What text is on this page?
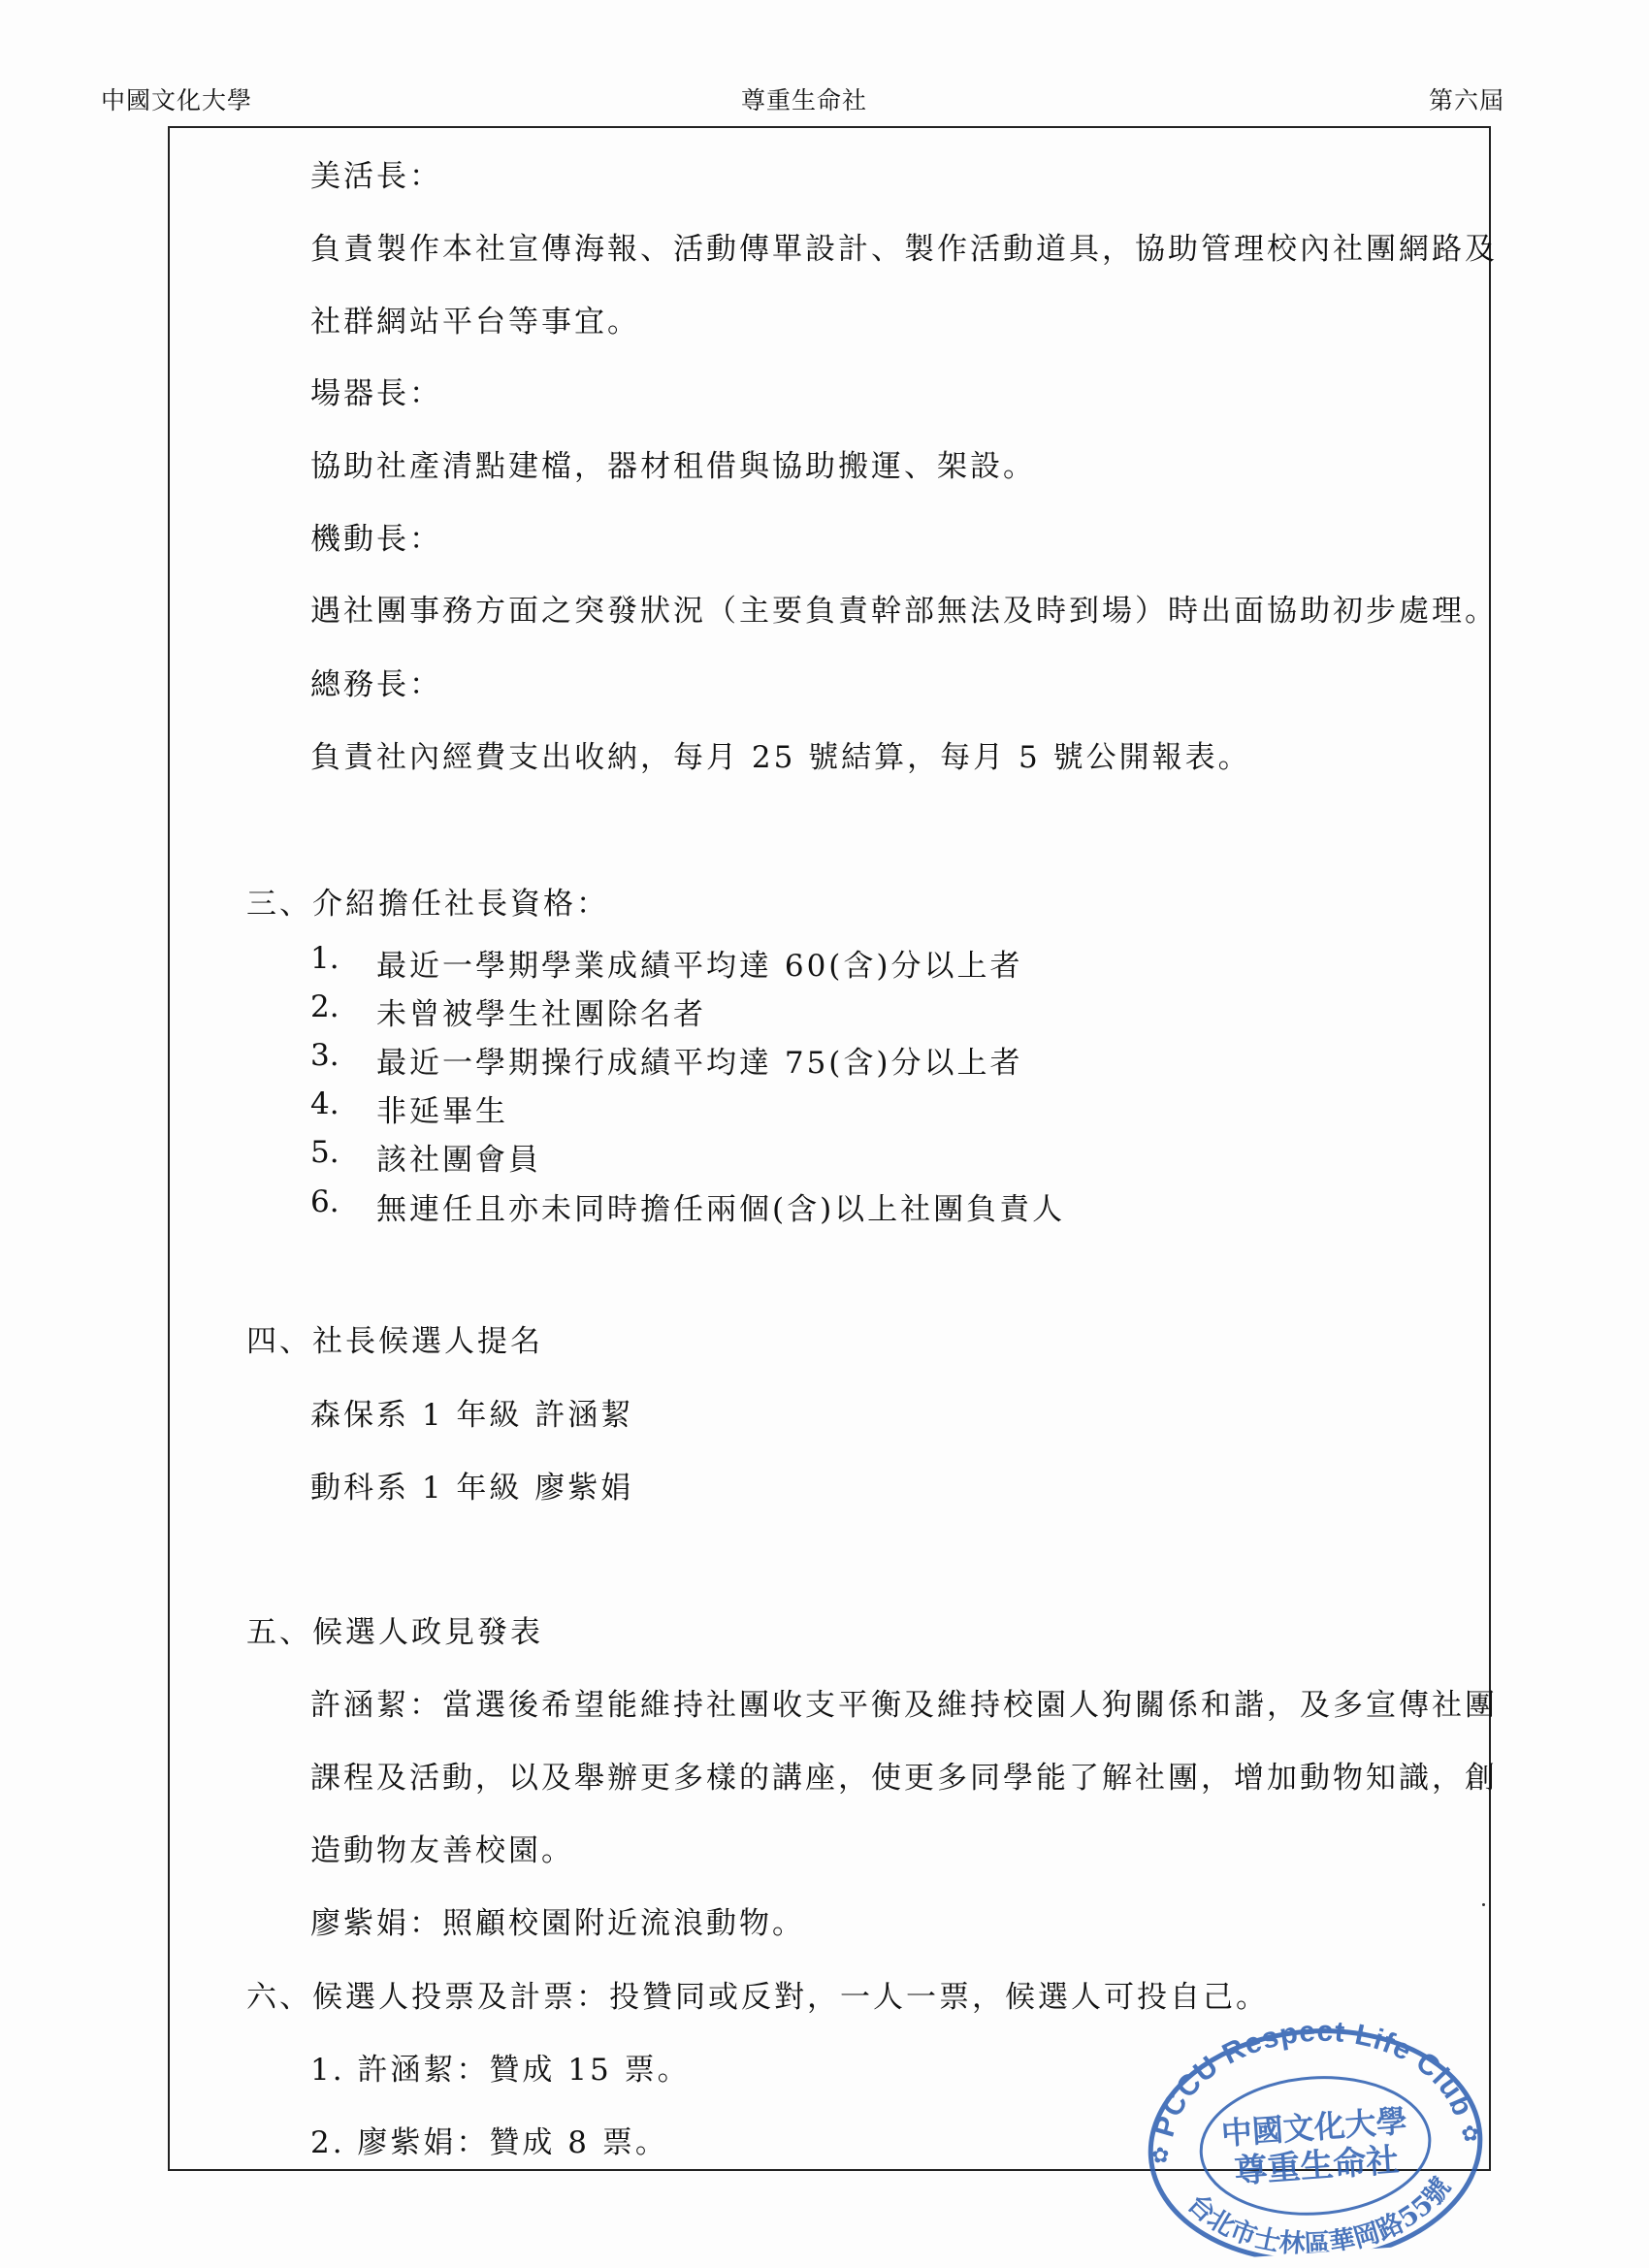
中國文化大學	尊重生命社	第六屆
美活長：
負責製作本社宣傳海報、活動傳單設計、製作活動道具，協助管理校內社團網路及
社群網站平台等事宜。
場器長：
協助社產清點建檔，器材租借與協助搬運、架設。
機動長：
遇社團事務方面之突發狀況（主要負責幹部無法及時到場）時出面協助初步處理。
總務長：
負責社內經費支出收納，每月 25 號結算，每月 5 號公開報表。
三、介紹擔任社長資格：
1. 最近一學期學業成績平均達 60(含)分以上者
2. 未曾被學生社團除名者
3. 最近一學期操行成績平均達 75(含)分以上者
4. 非延畢生
5. 該社團會員
6. 無連任且亦未同時擔任兩個(含)以上社團負責人
四、社長候選人提名
森保系 1 年級 許涵絜
動科系 1 年級 廖紫娟
五、候選人政見發表
許涵絜：當選後希望能維持社團收支平衡及維持校園人狗關係和諧，及多宣傳社團
課程及活動，以及舉辦更多樣的講座，使更多同學能了解社團，增加動物知識，創
造動物友善校園。
廖紫娟：照顧校園附近流浪動物。
六、候選人投票及計票：投贊同或反對，一人一票，候選人可投自己。
1. 許涵絜：贊成 15 票。
2. 廖紫娟：贊成 8 票。	PCCU Respect Life Club
台北市士林區華岡路55號
中國文化大學
尊重生命社
✿
✿
